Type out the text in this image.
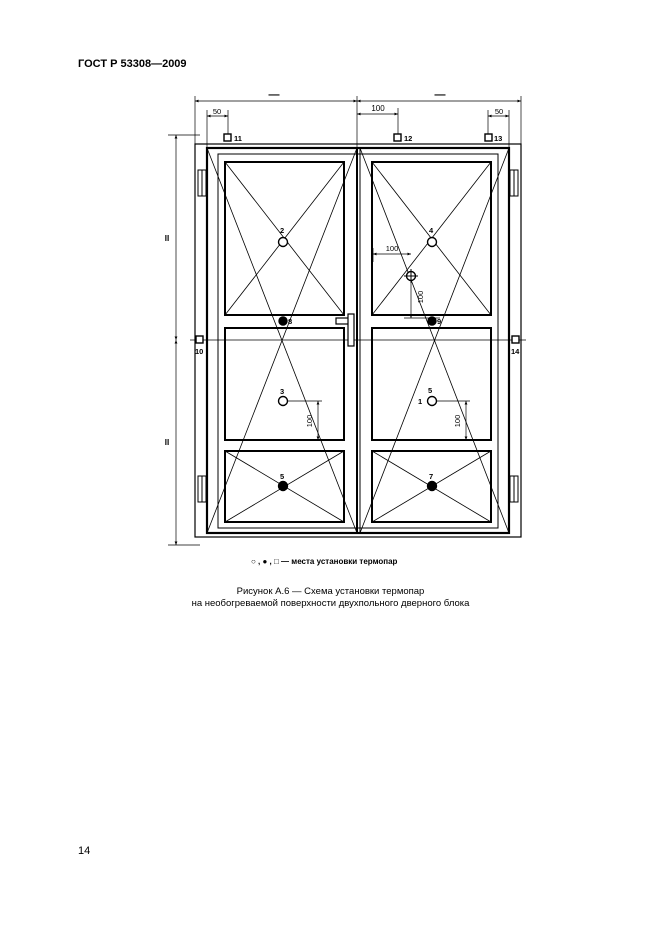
ГОСТ Р 53308—2009
—	—
100
50	50
II
II
100
100
100	100
1
2
3
4
5
5	7
8	9
10
11	12	13
14
○ , ● , □ — места установки термопар
Рисунок А.6 — Схема установки термопар
на необогреваемой поверхности двухпольного дверного блока
14
